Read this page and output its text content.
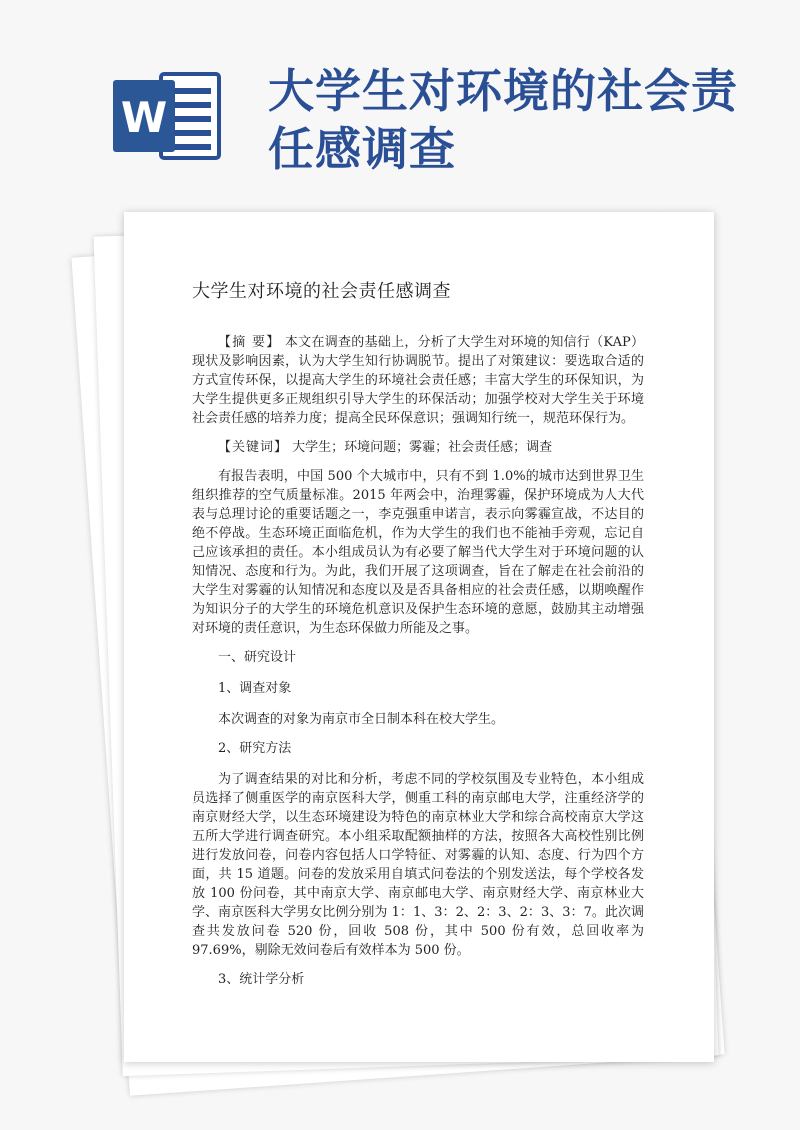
W 大学生对环境的社会责任感调查
大学生对环境的社会责任感调查

【摘 要】 本文在调查的基础上，分析了大学生对环境的知信行（KAP）现状及影响因素，认为大学生知行协调脱节。提出了对策建议：要选取合适的方式宣传环保，以提高大学生的环境社会责任感；丰富大学生的环保知识，为大学生提供更多正规组织引导大学生的环保活动；加强学校对大学生关于环境社会责任感的培养力度；提高全民环保意识；强调知行统一，规范环保行为。

【关键词】 大学生；环境问题；雾霾；社会责任感；调查

有报告表明，中国 500 个大城市中，只有不到 1.0%的城市达到世界卫生组织推荐的空气质量标准。2015 年两会中，治理雾霾，保护环境成为人大代表与总理讨论的重要话题之一，李克强重申诺言，表示向雾霾宣战，不达目的绝不停战。生态环境正面临危机，作为大学生的我们也不能袖手旁观，忘记自己应该承担的责任。本小组成员认为有必要了解当代大学生对于环境问题的认知情况、态度和行为。为此，我们开展了这项调查，旨在了解走在社会前沿的大学生对雾霾的认知情况和态度以及是否具备相应的社会责任感，以期唤醒作为知识分子的大学生的环境危机意识及保护生态环境的意愿，鼓励其主动增强对环境的责任意识，为生态环保做力所能及之事。

一、研究设计

1、调查对象

本次调查的对象为南京市全日制本科在校大学生。

2、研究方法

为了调查结果的对比和分析，考虑不同的学校氛围及专业特色，本小组成员选择了侧重医学的南京医科大学，侧重工科的南京邮电大学，注重经济学的南京财经大学，以生态环境建设为特色的南京林业大学和综合高校南京大学这五所大学进行调查研究。本小组采取配额抽样的方法，按照各大高校性别比例进行发放问卷，问卷内容包括人口学特征、对雾霾的认知、态度、行为四个方面，共 15 道题。问卷的发放采用自填式问卷法的个别发送法，每个学校各发放 100 份问卷，其中南京大学、南京邮电大学、南京财经大学、南京林业大学、南京医科大学男女比例分别为 1：1、3：2、2：3、2：3、3：7。此次调查共发放问卷 520 份，回收 508 份，其中 500 份有效，总回收率为 97.69%，剔除无效问卷后有效样本为 500 份。

3、统计学分析
